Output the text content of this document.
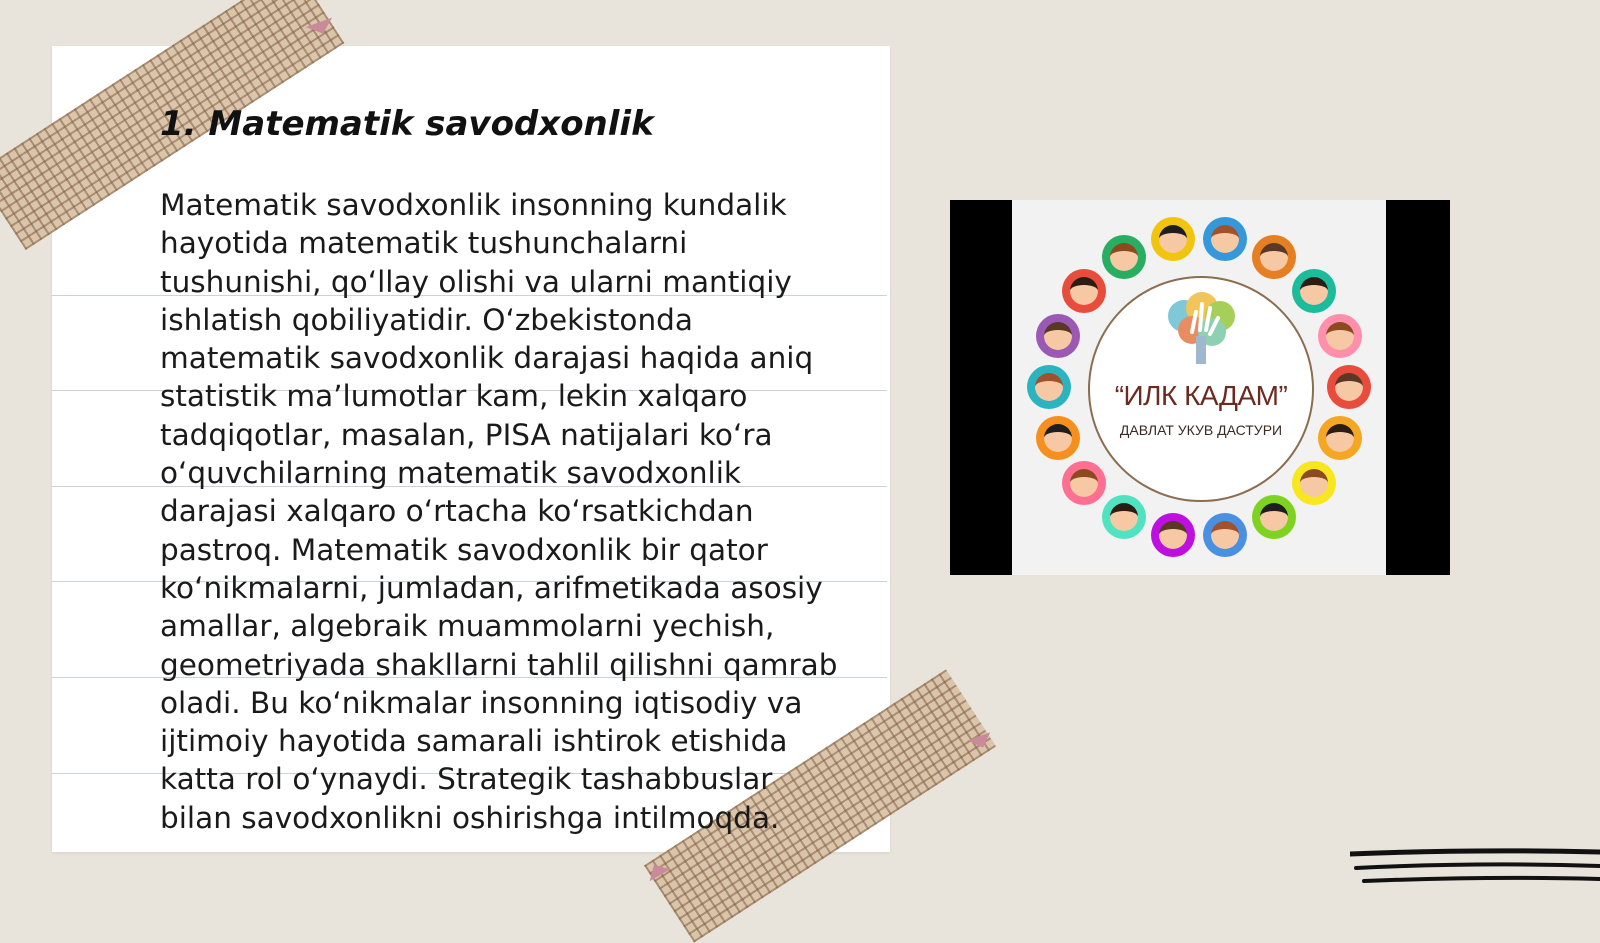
1. Matematik savodxonlik

Matematik savodxonlik insonning kundalik hayotida matematik tushunchalarni tushunishi, qo‘llay olishi va ularni mantiqiy ishlatish qobiliyatidir. O‘zbekistonda matematik savodxonlik darajasi haqida aniq statistik ma’lumotlar kam, lekin xalqaro tadqiqotlar, masalan, PISA natijalari ko‘ra o‘quvchilarning matematik savodxonlik darajasi xalqaro o‘rtacha ko‘rsatkichdan pastroq. Matematik savodxonlik bir qator ko‘nikmalarni, jumladan, arifmetikada asosiy amallar, algebraik muammolarni yechish, geometriyada shakllarni tahlil qilishni qamrab oladi. Bu ko‘nikmalar insonning iqtisodiy va ijtimoiy hayotida samarali ishtirok etishida katta rol o‘ynaydi. Strategik tashabbuslar bilan savodxonlikni oshirishga intilmoqda.

“ИЛК КАДАМ”
ДАВЛАТ УКУВ ДАСТУРИ
